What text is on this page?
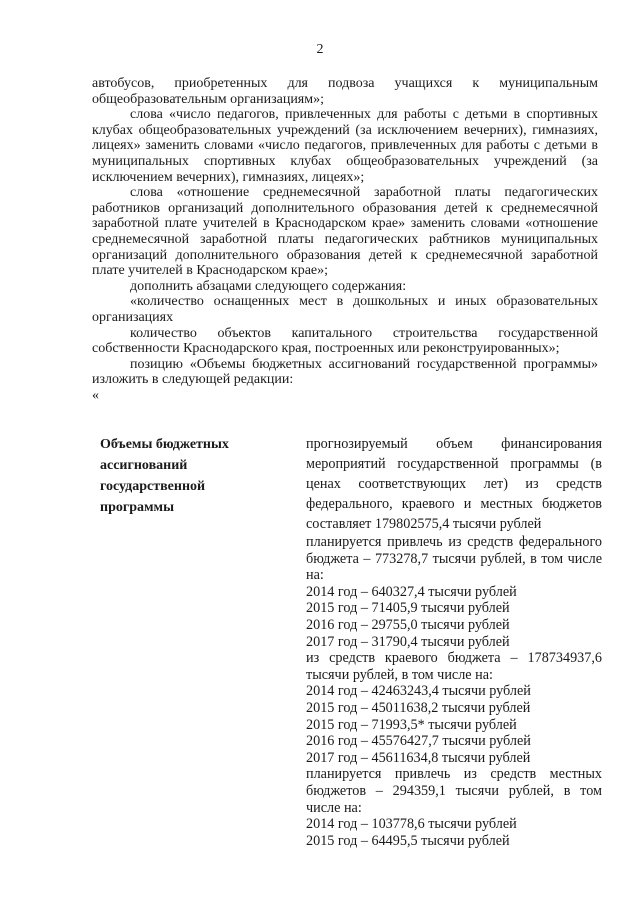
2

автобусов, приобретенных для подвоза учащихся к муниципальным общеобразовательным организациям»;

слова «число педагогов, привлеченных для работы с детьми в спортивных клубах общеобразовательных учреждений (за исключением вечерних), гимназиях, лицеях» заменить словами «число педагогов, привлеченных для работы с детьми в муниципальных спортивных клубах общеобразовательных учреждений (за исключением вечерних), гимназиях, лицеях»;

слова «отношение среднемесячной заработной платы педагогических работников организаций дополнительного образования детей к среднемесячной заработной плате учителей в Краснодарском крае» заменить словами «отношение среднемесячной заработной платы педагогических рабтников муниципальных организаций дополнительного образования детей к среднемесячной заработной плате учителей в Краснодарском крае»;

дополнить абзацами следующего содержания:

«количество оснащенных мест в дошкольных и иных образовательных организациях

количество объектов капитального строительства государственной собственности Краснодарского края, построенных или реконструированных»;

позицию «Объемы бюджетных ассигнований государственной программы» изложить в следующей редакции:

«

Объемы бюджетных ассигнований государственной программы

прогнозируемый объем финансирования мероприятий государственной программы (в ценах соответствующих лет) из средств федерального, краевого и местных бюджетов составляет 179802575,4 тысячи рублей

планируется привлечь из средств федерального бюджета – 773278,7 тысячи рублей, в том числе на:

2014 год – 640327,4 тысячи рублей
2015 год – 71405,9 тысячи рублей
2016 год – 29755,0 тысячи рублей
2017 год – 31790,4 тысячи рублей

из средств краевого бюджета – 178734937,6 тысячи рублей, в том числе на:

2014 год – 42463243,4 тысячи рублей
2015 год – 45011638,2 тысячи рублей
2015 год – 71993,5* тысячи рублей
2016 год – 45576427,7 тысячи рублей
2017 год – 45611634,8 тысячи рублей

планируется привлечь из средств местных бюджетов – 294359,1 тысячи рублей, в том числе на:

2014 год – 103778,6 тысячи рублей
2015 год – 64495,5 тысячи рублей
